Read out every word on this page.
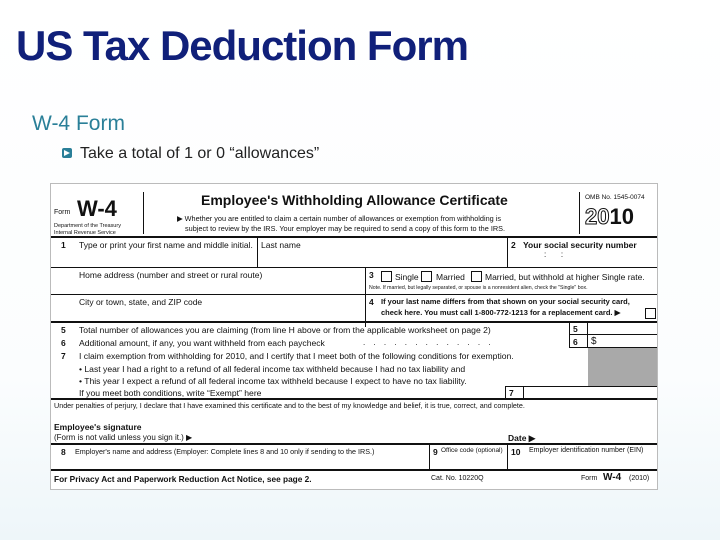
US Tax Deduction Form
W-4 Form
Take a total of 1 or 0 “allowances”
Form W-4
Department of the Treasury
Internal Revenue Service
Employee's Withholding Allowance Certificate
▶ Whether you are entitled to claim a certain number of allowances or exemption from withholding is
subject to review by the IRS. Your employer may be required to send a copy of this form to the IRS.
OMB No. 1545-0074
2010
1 Type or print your first name and middle initial. Last name	2 Your social security number
:   :
Home address (number and street or rural route)	3	Single Married Married, but withhold at higher Single rate.
Note. If married, but legally separated, or spouse is a nonresident alien, check the "Single" box.
City or town, state, and ZIP code	4 If your last name differs from that shown on your social security card,
check here. You must call 1-800-772-1213 for a replacement card. ▶
5 Total number of allowances you are claiming (from line H above or from the applicable worksheet on page 2)
6 Additional amount, if any, you want withheld from each paycheck	. . . . . . . . . . . . .
7 I claim exemption from withholding for 2010, and I certify that I meet both of the following conditions for exemption.
• Last year I had a right to a refund of all federal income tax withheld because I had no tax liability and
• This year I expect a refund of all federal income tax withheld because I expect to have no tax liability.
If you meet both conditions, write “Exempt” here
5
6 $
7
Under penalties of perjury, I declare that I have examined this certificate and to the best of my knowledge and belief, it is true, correct, and complete.
Employee's signature
(Form is not valid unless you sign it.) ▶	Date ▶
8 Employer's name and address (Employer: Complete lines 8 and 10 only if sending to the IRS.)	9 Office code (optional) 10 Employer identification number (EIN)
For Privacy Act and Paperwork Reduction Act Notice, see page 2.	Cat. No. 10220Q	Form W-4 (2010)
